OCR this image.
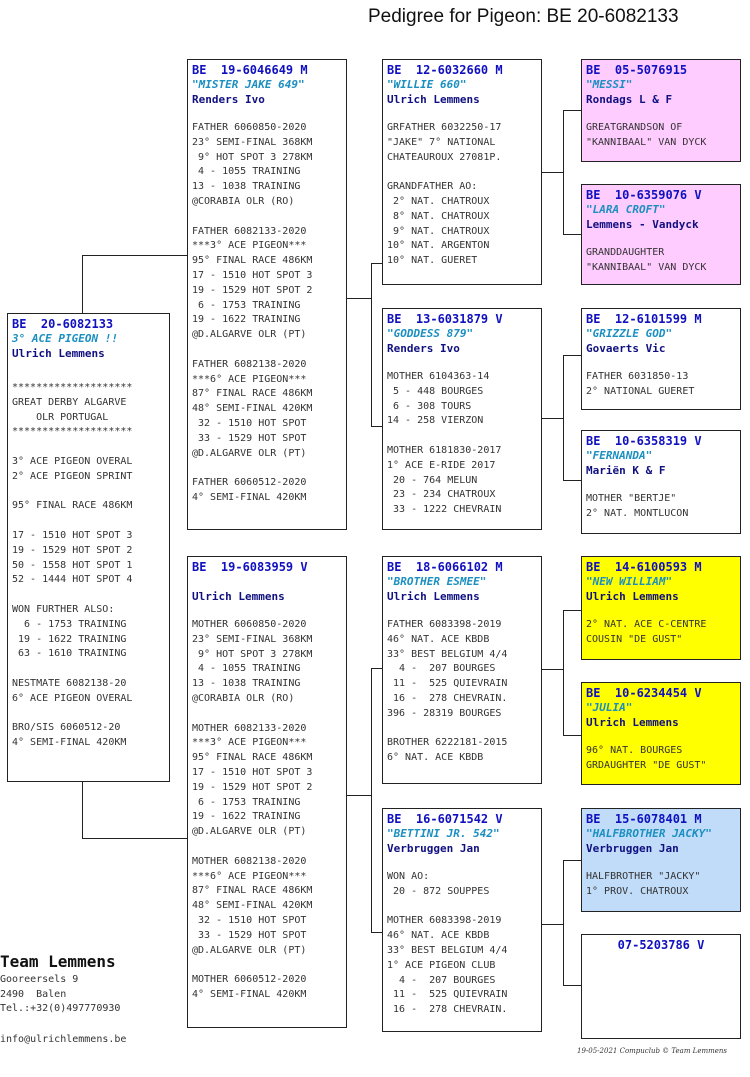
Pedigree for Pigeon: BE 20-6082133
BE  20-6082133
3° ACE PIGEON !!
Ulrich Lemmens
********************
GREAT DERBY ALGARVE
OLR PORTUGAL
********************

3° ACE PIGEON OVERAL
2° ACE PIGEON SPRINT

95° FINAL RACE 486KM

17 - 1510 HOT SPOT 3
19 - 1529 HOT SPOT 2
50 - 1558 HOT SPOT 1
52 - 1444 HOT SPOT 4

WON FURTHER ALSO:
6 - 1753 TRAINING
19 - 1622 TRAINING
63 - 1610 TRAINING

NESTMATE 6082138-20
6° ACE PIGEON OVERAL

BRO/SIS 6060512-20
4° SEMI-FINAL 420KM
BE  19-6046649 M
"MISTER JAKE 649"
Renders Ivo
FATHER 6060850-2020
23° SEMI-FINAL 368KM
9° HOT SPOT 3 278KM
4 - 1055 TRAINING
13 - 1038 TRAINING
@CORABIA OLR (RO)

FATHER 6082133-2020
***3° ACE PIGEON***
95° FINAL RACE 486KM
17 - 1510 HOT SPOT 3
19 - 1529 HOT SPOT 2
6 - 1753 TRAINING
19 - 1622 TRAINING
@D.ALGARVE OLR (PT)

FATHER 6082138-2020
***6° ACE PIGEON***
87° FINAL RACE 486KM
48° SEMI-FINAL 420KM
32 - 1510 HOT SPOT
33 - 1529 HOT SPOT
@D.ALGARVE OLR (PT)

FATHER 6060512-2020
4° SEMI-FINAL 420KM
BE  19-6083959 V
Ulrich Lemmens
MOTHER 6060850-2020
23° SEMI-FINAL 368KM
9° HOT SPOT 3 278KM
4 - 1055 TRAINING
13 - 1038 TRAINING
@CORABIA OLR (RO)

MOTHER 6082133-2020
***3° ACE PIGEON***
95° FINAL RACE 486KM
17 - 1510 HOT SPOT 3
19 - 1529 HOT SPOT 2
6 - 1753 TRAINING
19 - 1622 TRAINING
@D.ALGARVE OLR (PT)

MOTHER 6082138-2020
***6° ACE PIGEON***
87° FINAL RACE 486KM
48° SEMI-FINAL 420KM
32 - 1510 HOT SPOT
33 - 1529 HOT SPOT
@D.ALGARVE OLR (PT)

MOTHER 6060512-2020
4° SEMI-FINAL 420KM
BE  12-6032660 M
"WILLIE 660"
Ulrich Lemmens
GRFATHER 6032250-17
"JAKE" 7° NATIONAL
CHATEAUROUX 27081P.

GRANDFATHER AO:
2° NAT. CHATROUX
8° NAT. CHATROUX
9° NAT. CHATROUX
10° NAT. ARGENTON
10° NAT. GUERET
BE  13-6031879 V
"GODDESS 879"
Renders Ivo
MOTHER 6104363-14
5 - 448 BOURGES
6 - 308 TOURS
14 - 258 VIERZON

MOTHER 6181830-2017
1° ACE E-RIDE 2017
20 - 764 MELUN
23 - 234 CHATROUX
33 - 1222 CHEVRAIN
BE  18-6066102 M
"BROTHER ESMEE"
Ulrich Lemmens
FATHER 6083398-2019
46° NAT. ACE KBDB
33° BEST BELGIUM 4/4
4 -  207 BOURGES
11 -  525 QUIEVRAIN
16 -  278 CHEVRAIN.
396 - 28319 BOURGES

BROTHER 6222181-2015
6° NAT. ACE KBDB
BE  16-6071542 V
"BETTINI JR. 542"
Verbruggen Jan
WON AO:
20 - 872 SOUPPES

MOTHER 6083398-2019
46° NAT. ACE KBDB
33° BEST BELGIUM 4/4
1° ACE PIGEON CLUB
4 -  207 BOURGES
11 -  525 QUIEVRAIN
16 -  278 CHEVRAIN.
BE  05-5076915
"MESSI"
Rondags L & F
GREATGRANDSON OF
"KANNIBAAL" VAN DYCK
BE  10-6359076 V
"LARA CROFT"
Lemmens - Vandyck
GRANDDAUGHTER
"KANNIBAAL" VAN DYCK
BE  12-6101599 M
"GRIZZLE GOD"
Govaerts Vic
FATHER 6031850-13
2° NATIONAL GUERET
BE  10-6358319 V
"FERNANDA"
Mariën K & F
MOTHER "BERTJE"
2° NAT. MONTLUCON
BE  14-6100593 M
"NEW WILLIAM"
Ulrich Lemmens
2° NAT. ACE C-CENTRE
COUSIN "DE GUST"
BE  10-6234454 V
"JULIA"
Ulrich Lemmens
96° NAT. BOURGES
GRDAUGHTER "DE GUST"
BE  15-6078401 M
"HALFBROTHER JACKY"
Verbruggen Jan
HALFBROTHER "JACKY"
1° PROV. CHATROUX
07-5203786 V
Team Lemmens
Gooreersels 9
2490  Balen
Tel.:+32(0)497770930
info@ulrichlemmens.be
19-05-2021 Compuclub © Team Lemmens
